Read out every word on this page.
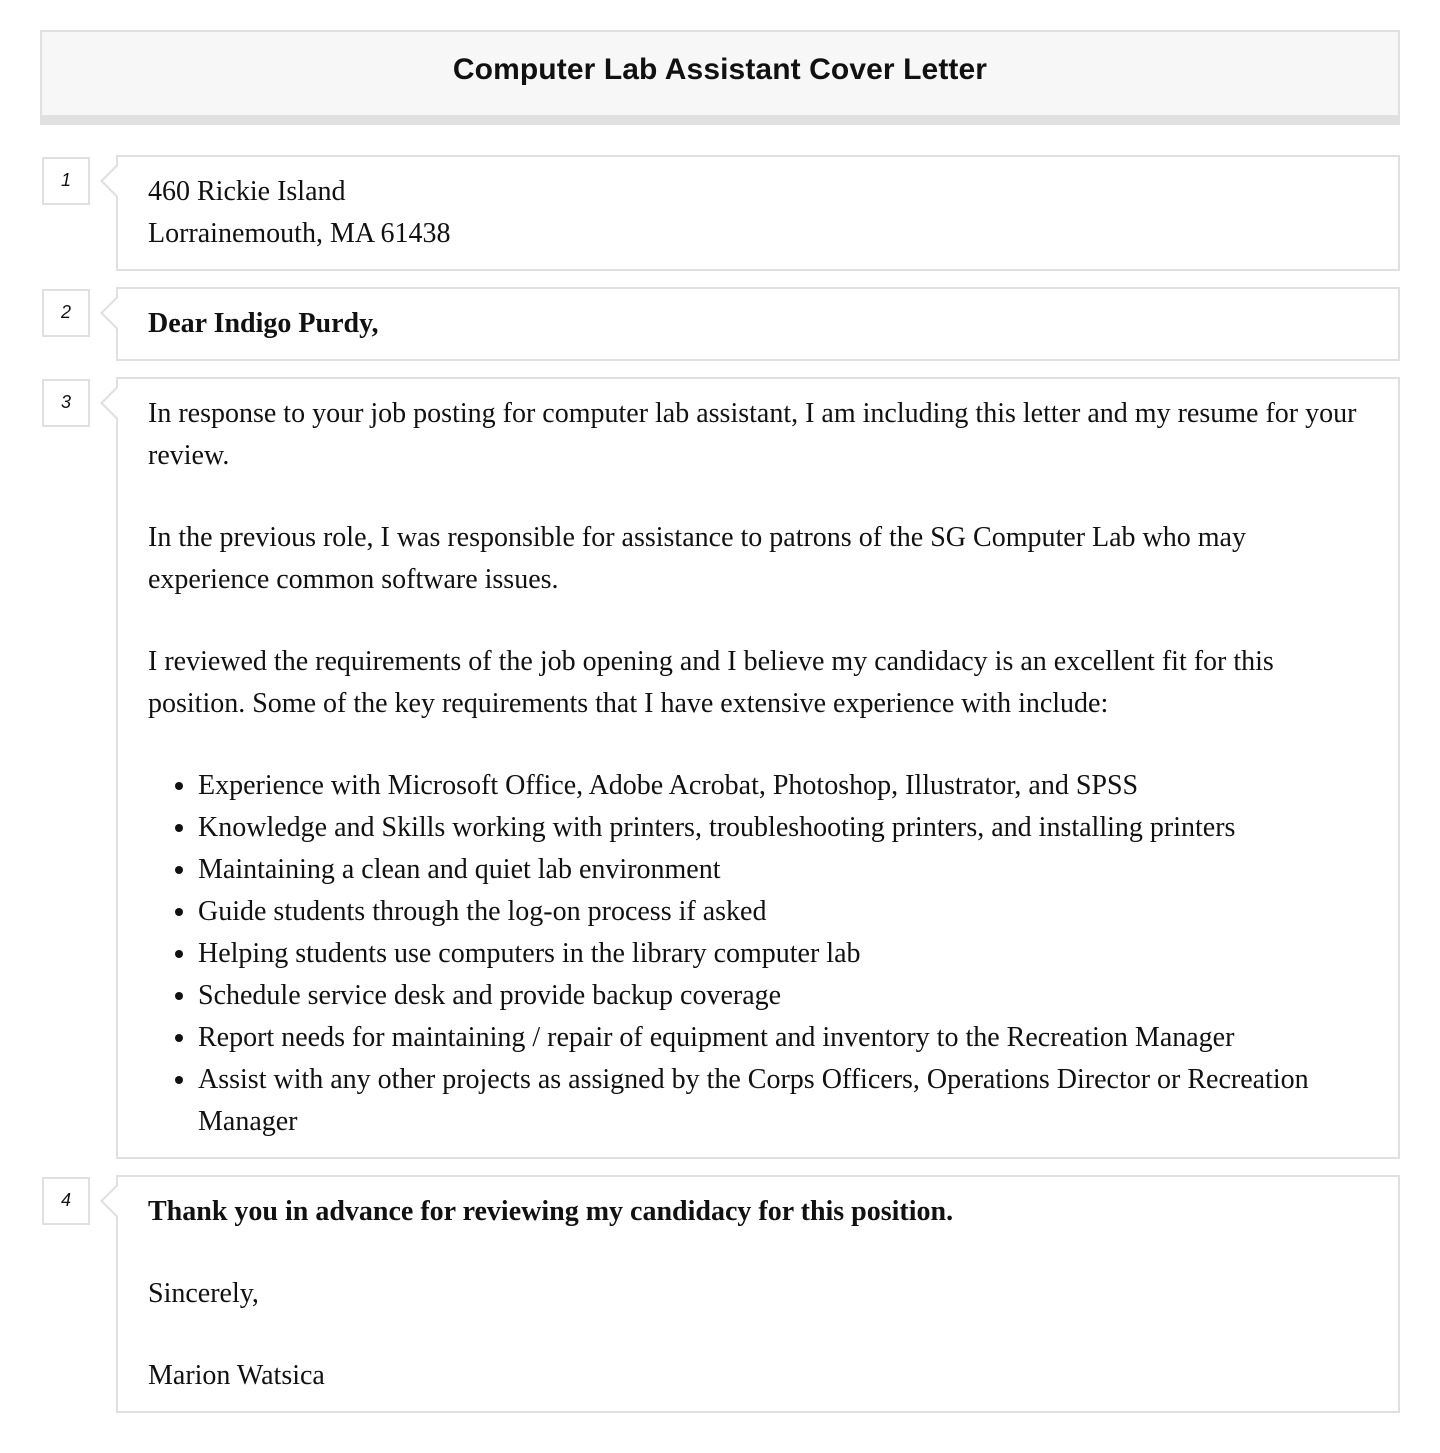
Computer Lab Assistant Cover Letter
1	460 Rickie Island
Lorrainemouth, MA 61438
2	Dear Indigo Purdy,
3	In response to your job posting for computer lab assistant, I am including this letter and my resume for your review.
In the previous role, I was responsible for assistance to patrons of the SG Computer Lab who may experience common software issues.
I reviewed the requirements of the job opening and I believe my candidacy is an excellent fit for this position. Some of the key requirements that I have extensive experience with include:
• Experience with Microsoft Office, Adobe Acrobat, Photoshop, Illustrator, and SPSS
• Knowledge and Skills working with printers, troubleshooting printers, and installing printers
• Maintaining a clean and quiet lab environment
• Guide students through the log-on process if asked
• Helping students use computers in the library computer lab
• Schedule service desk and provide backup coverage
• Report needs for maintaining / repair of equipment and inventory to the Recreation Manager
• Assist with any other projects as assigned by the Corps Officers, Operations Director or Recreation Manager
4	Thank you in advance for reviewing my candidacy for this position.
Sincerely,
Marion Watsica
